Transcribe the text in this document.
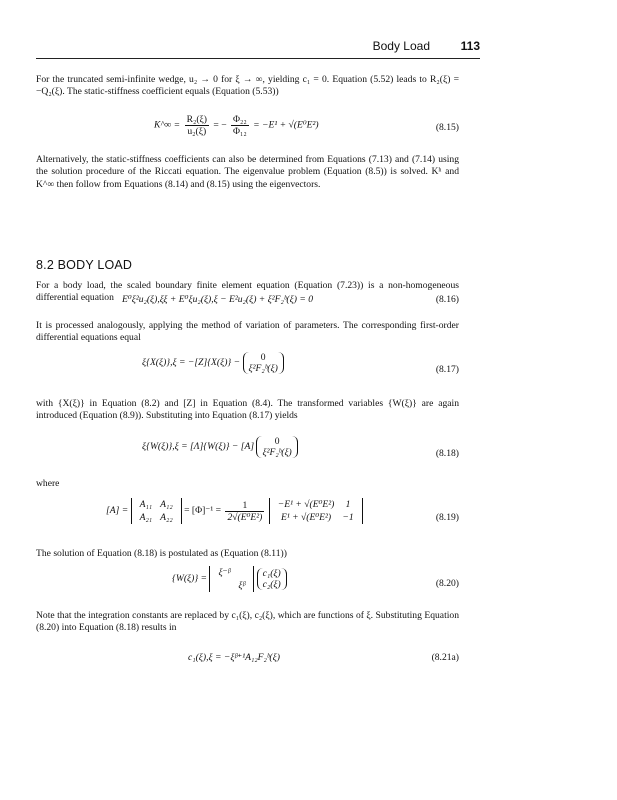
Body Load	113

For the truncated semi-infinite wedge, u₂ → 0 for ξ → ∞, yielding c₁ = 0. Equation (5.52) leads to R₂(ξ) = −Q₂(ξ). The static-stiffness coefficient equals (Equation (5.53))

K^∞ = $\frac{\text{R₂(ξ)}}{\text{u₂(ξ)}}$ = − $\frac{\text{Φ₂₂}}{\text{Φ₁₂}} = -E^1 + √(E^0E^2)$	(8.15)

Alternatively, the static-stiffness coefficients can also be determined from Equations (7.13) and (7.14) using the solution procedure of the Riccati equation. The eigenvalue problem (Equation (8.5)) is solved. Kʰ and K^∞ then follow from Equations (8.14) and (8.15) using the eigenvectors.

8.2 BODY LOAD

For a body load, the scaled boundary finite element equation (Equation (7.23)) is a non-homogeneous differential equation E⁰ξ²u₂(ξ),ξξ + E⁰ξu₂(ξ),ξ − E²u₂(ξ) + ξ²F₂ᵇ(ξ) = 0	(8.16)

It is processed analogously, applying the method of variation of parameters. The corresponding first-order differential equations equal

ξ{X(ξ)},ξ = −[Z]{X(ξ)} −	0
ξ²F₂ᵇ(ξ)	(8.17)

with {X(ξ)} in Equation (8.2) and [Z] in Equation (8.4). The transformed variables {W(ξ)} are again introduced (Equation (8.9)). Substituting into Equation (8.17) yields

ξ{W(ξ)},ξ = [Λ]{W(ξ)} − [A]	0
ξ²F₂ᵇ(ξ)	(8.18)

where

[A] =
A₁₁	A₁₂
A₂₁	A₂₂
= $[\Phi]^{-1} = \frac{1}{\text{2√(E⁰E²)}}$
−E¹ + √(E⁰E²)	1
E¹ + √(E⁰E²)	−1	(8.19)

The solution of Equation (8.18) is postulated as (Equation (8.11))

{W(ξ)} =
ξ⁻ᵝ	
	ξᵝ

c₁(ξ)
c₂(ξ)	(8.20)

Note that the integration constants are replaced by c₁(ξ), c₂(ξ), which are functions of ξ. Substituting Equation (8.20) into Equation (8.18) results in

c₁(ξ),ξ = −ξᵝ⁺¹A₁₂F₂ᵇ(ξ)	(8.21a)
